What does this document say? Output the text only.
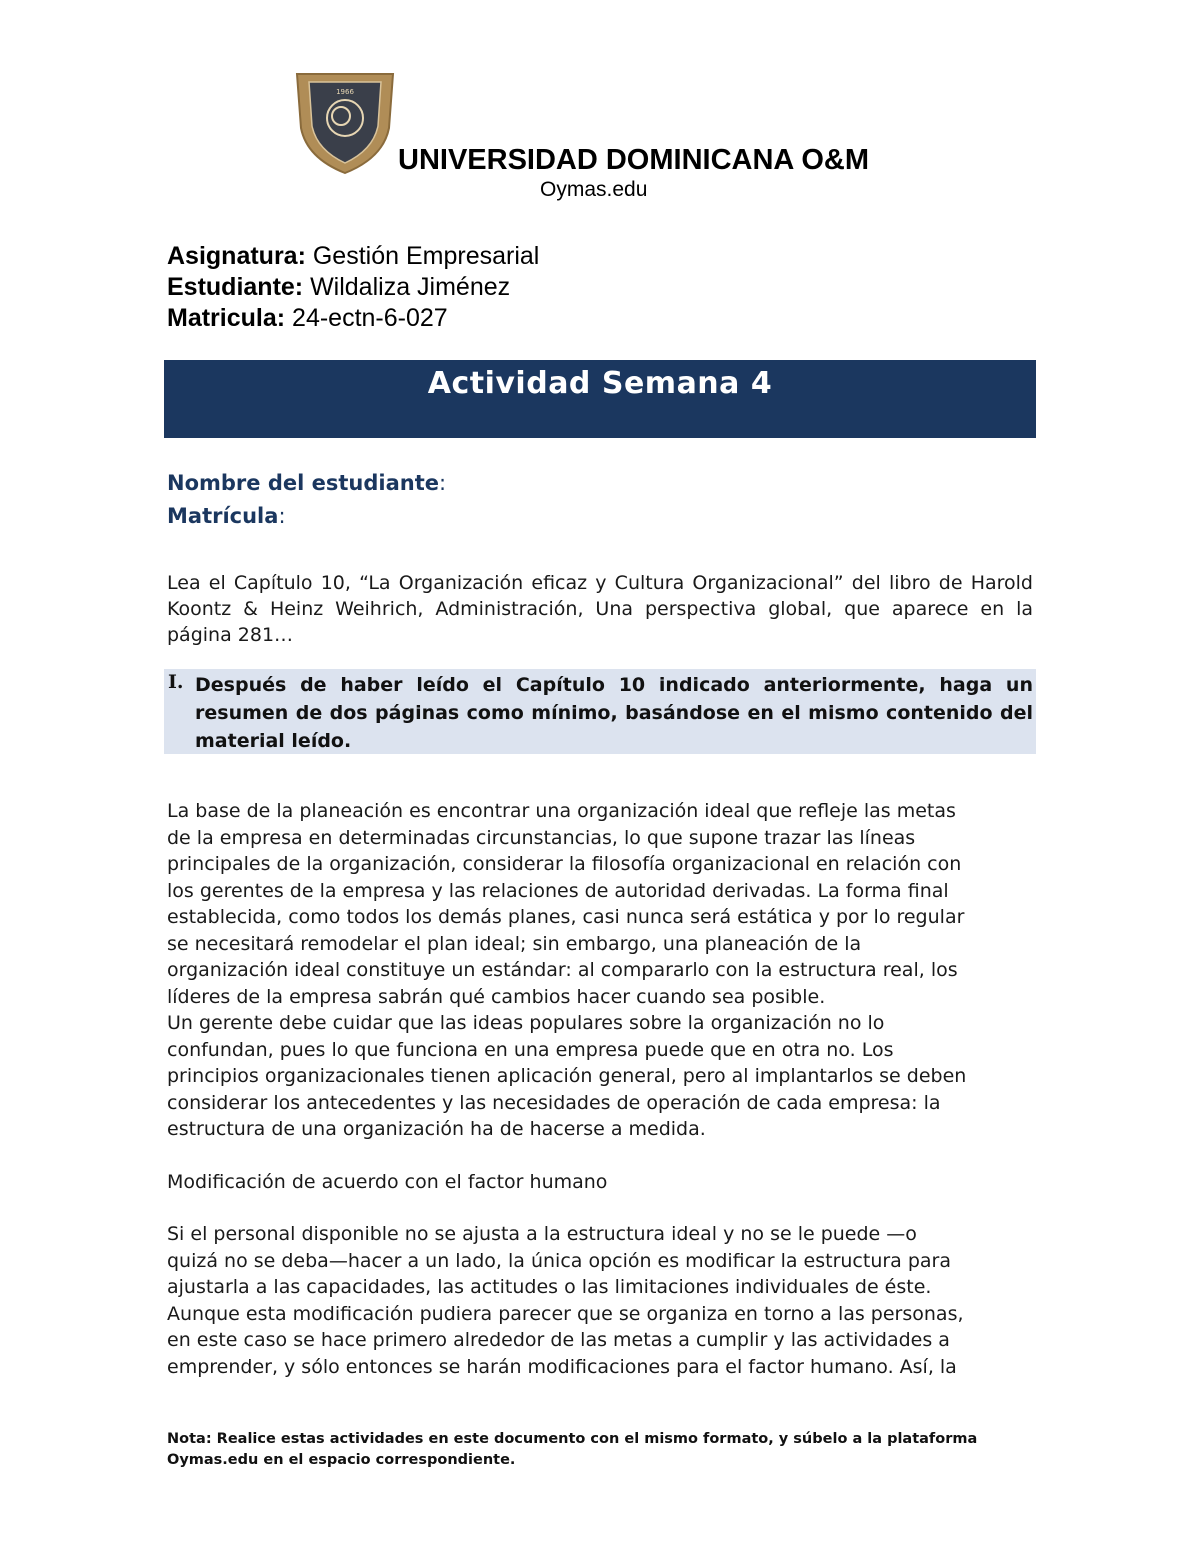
1966
UNIVERSIDAD DOMINICANA O&M
Oymas.edu
Asignatura: Gestión Empresarial
Estudiante: Wildaliza Jiménez
Matricula: 24-ectn-6-027
Actividad Semana 4
Nombre del estudiante:
Matrícula:
Lea el Capítulo 10, “La Organización eficaz y Cultura Organizacional” del libro de Harold Koontz & Heinz Weihrich, Administración, Una perspectiva global, que aparece en la página 281…
I. Después de haber leído el Capítulo 10 indicado anteriormente, haga un resumen de dos páginas como mínimo, basándose en el mismo contenido del material leído.

La base de la planeación es encontrar una organización ideal que refleje las metas

de la empresa en determinadas circunstancias, lo que supone trazar las líneas

principales de la organización, considerar la filosofía organizacional en relación con

los gerentes de la empresa y las relaciones de autoridad derivadas. La forma final

establecida, como todos los demás planes, casi nunca será estática y por lo regular

se necesitará remodelar el plan ideal; sin embargo, una planeación de la

organización ideal constituye un estándar: al compararlo con la estructura real, los

líderes de la empresa sabrán qué cambios hacer cuando sea posible.

Un gerente debe cuidar que las ideas populares sobre la organización no lo

confundan, pues lo que funciona en una empresa puede que en otra no. Los

principios organizacionales tienen aplicación general, pero al implantarlos se deben

considerar los antecedentes y las necesidades de operación de cada empresa: la

estructura de una organización ha de hacerse a medida.

Modificación de acuerdo con el factor humano

Si el personal disponible no se ajusta a la estructura ideal y no se le puede —o

quizá no se deba—hacer a un lado, la única opción es modificar la estructura para

ajustarla a las capacidades, las actitudes o las limitaciones individuales de éste.

Aunque esta modificación pudiera parecer que se organiza en torno a las personas,

en este caso se hace primero alrededor de las metas a cumplir y las actividades a

emprender, y sólo entonces se harán modificaciones para el factor humano. Así, la

Nota: Realice estas actividades en este documento con el mismo formato, y súbelo a la plataforma
Oymas.edu en el espacio correspondiente.
